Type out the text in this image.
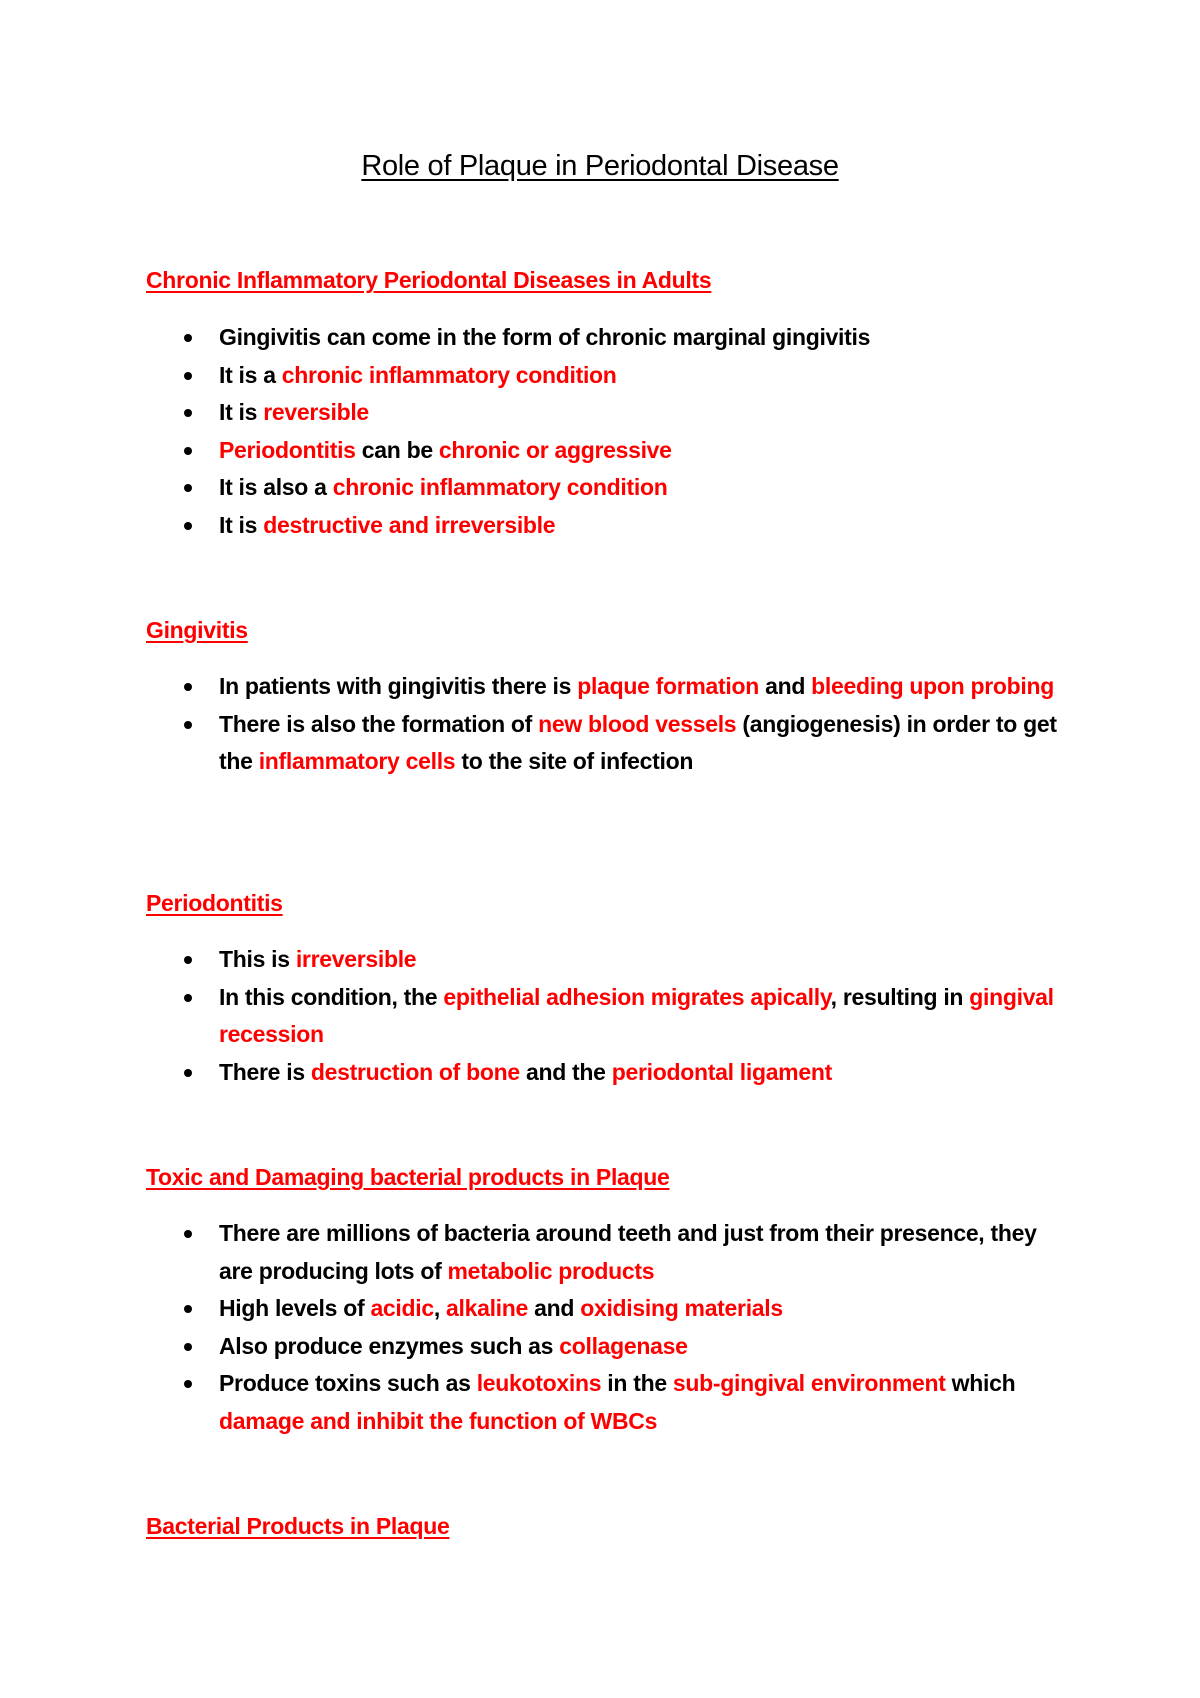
Role of Plaque in Periodontal Disease
Chronic Inflammatory Periodontal Diseases in Adults
Gingivitis can come in the form of chronic marginal gingivitis
It is a chronic inflammatory condition
It is reversible
Periodontitis can be chronic or aggressive
It is also a chronic inflammatory condition
It is destructive and irreversible
Gingivitis
In patients with gingivitis there is plaque formation and bleeding upon probing
There is also the formation of new blood vessels (angiogenesis) in order to get the inflammatory cells to the site of infection
Periodontitis
This is irreversible
In this condition, the epithelial adhesion migrates apically, resulting in gingival recession
There is destruction of bone and the periodontal ligament
Toxic and Damaging bacterial products in Plaque
There are millions of bacteria around teeth and just from their presence, they are producing lots of metabolic products
High levels of acidic, alkaline and oxidising materials
Also produce enzymes such as collagenase
Produce toxins such as leukotoxins in the sub-gingival environment which damage and inhibit the function of WBCs
Bacterial Products in Plaque
